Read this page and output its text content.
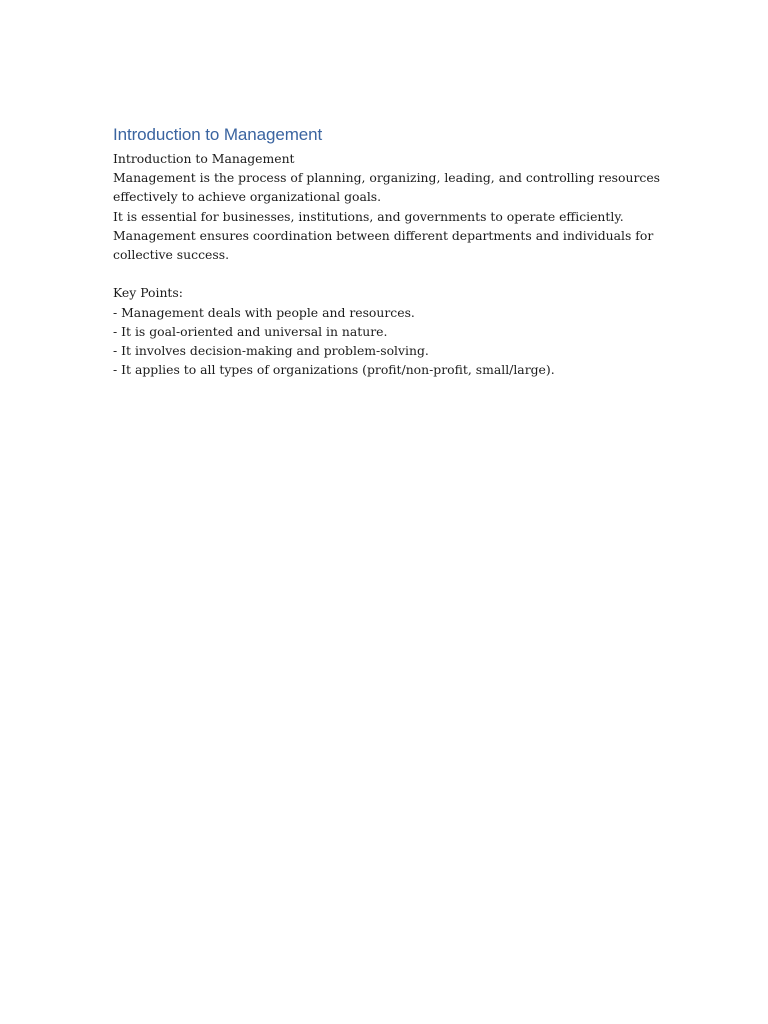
Introduction to Management
Introduction to Management
Management is the process of planning, organizing, leading, and controlling resources
effectively to achieve organizational goals.
It is essential for businesses, institutions, and governments to operate efficiently.
Management ensures coordination between different departments and individuals for
collective success.
Key Points:
- Management deals with people and resources.
- It is goal-oriented and universal in nature.
- It involves decision-making and problem-solving.
- It applies to all types of organizations (profit/non-profit, small/large).
